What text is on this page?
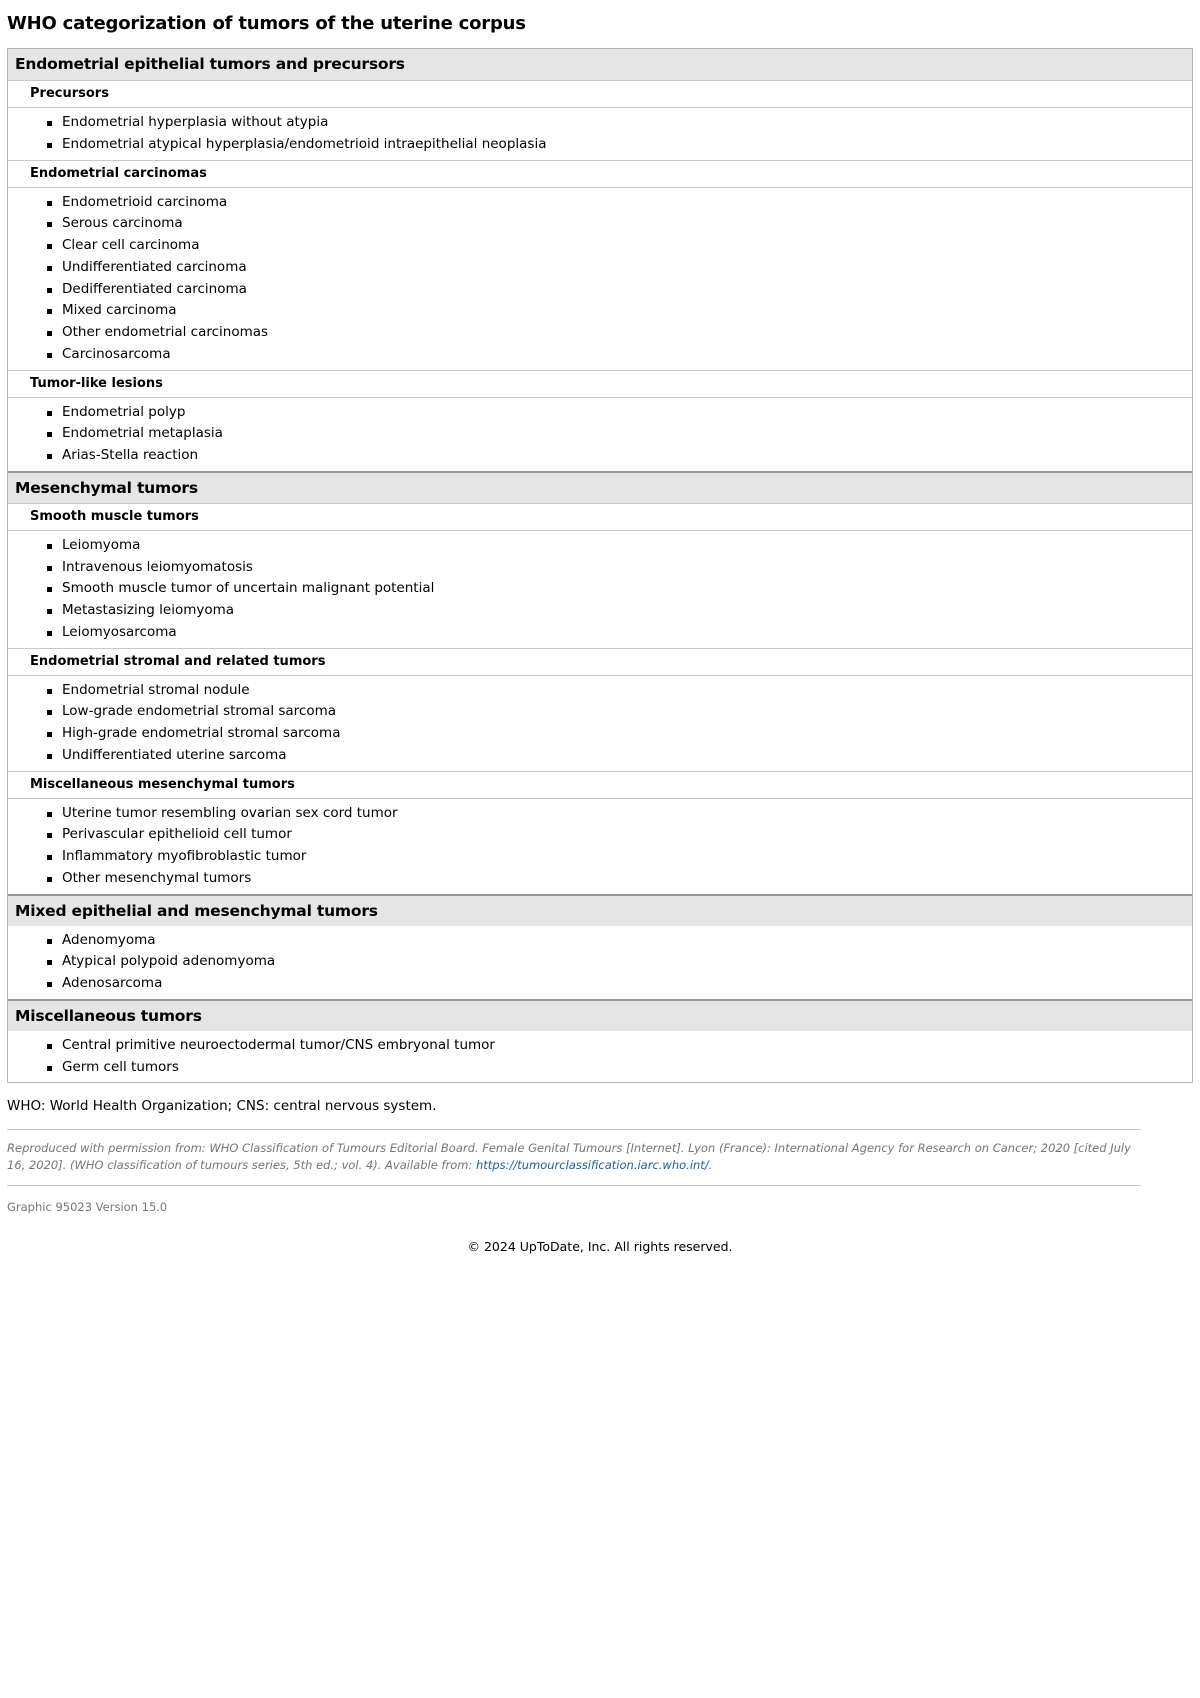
WHO categorization of tumors of the uterine corpus
Endometrial epithelial tumors and precursors
Precursors
Endometrial hyperplasia without atypia
Endometrial atypical hyperplasia/endometrioid intraepithelial neoplasia
Endometrial carcinomas
Endometrioid carcinoma
Serous carcinoma
Clear cell carcinoma
Undifferentiated carcinoma
Dedifferentiated carcinoma
Mixed carcinoma
Other endometrial carcinomas
Carcinosarcoma
Tumor-like lesions
Endometrial polyp
Endometrial metaplasia
Arias-Stella reaction
Mesenchymal tumors
Smooth muscle tumors
Leiomyoma
Intravenous leiomyomatosis
Smooth muscle tumor of uncertain malignant potential
Metastasizing leiomyoma
Leiomyosarcoma
Endometrial stromal and related tumors
Endometrial stromal nodule
Low-grade endometrial stromal sarcoma
High-grade endometrial stromal sarcoma
Undifferentiated uterine sarcoma
Miscellaneous mesenchymal tumors
Uterine tumor resembling ovarian sex cord tumor
Perivascular epithelioid cell tumor
Inflammatory myofibroblastic tumor
Other mesenchymal tumors
Mixed epithelial and mesenchymal tumors
Adenomyoma
Atypical polypoid adenomyoma
Adenosarcoma
Miscellaneous tumors
Central primitive neuroectodermal tumor/CNS embryonal tumor
Germ cell tumors
WHO: World Health Organization; CNS: central nervous system.
Reproduced with permission from: WHO Classification of Tumours Editorial Board. Female Genital Tumours [Internet]. Lyon (France): International Agency for Research on Cancer; 2020 [cited July 16, 2020]. (WHO classification of tumours series, 5th ed.; vol. 4). Available from: https://tumourclassification.iarc.who.int/.
Graphic 95023 Version 15.0
© 2024 UpToDate, Inc. All rights reserved.
